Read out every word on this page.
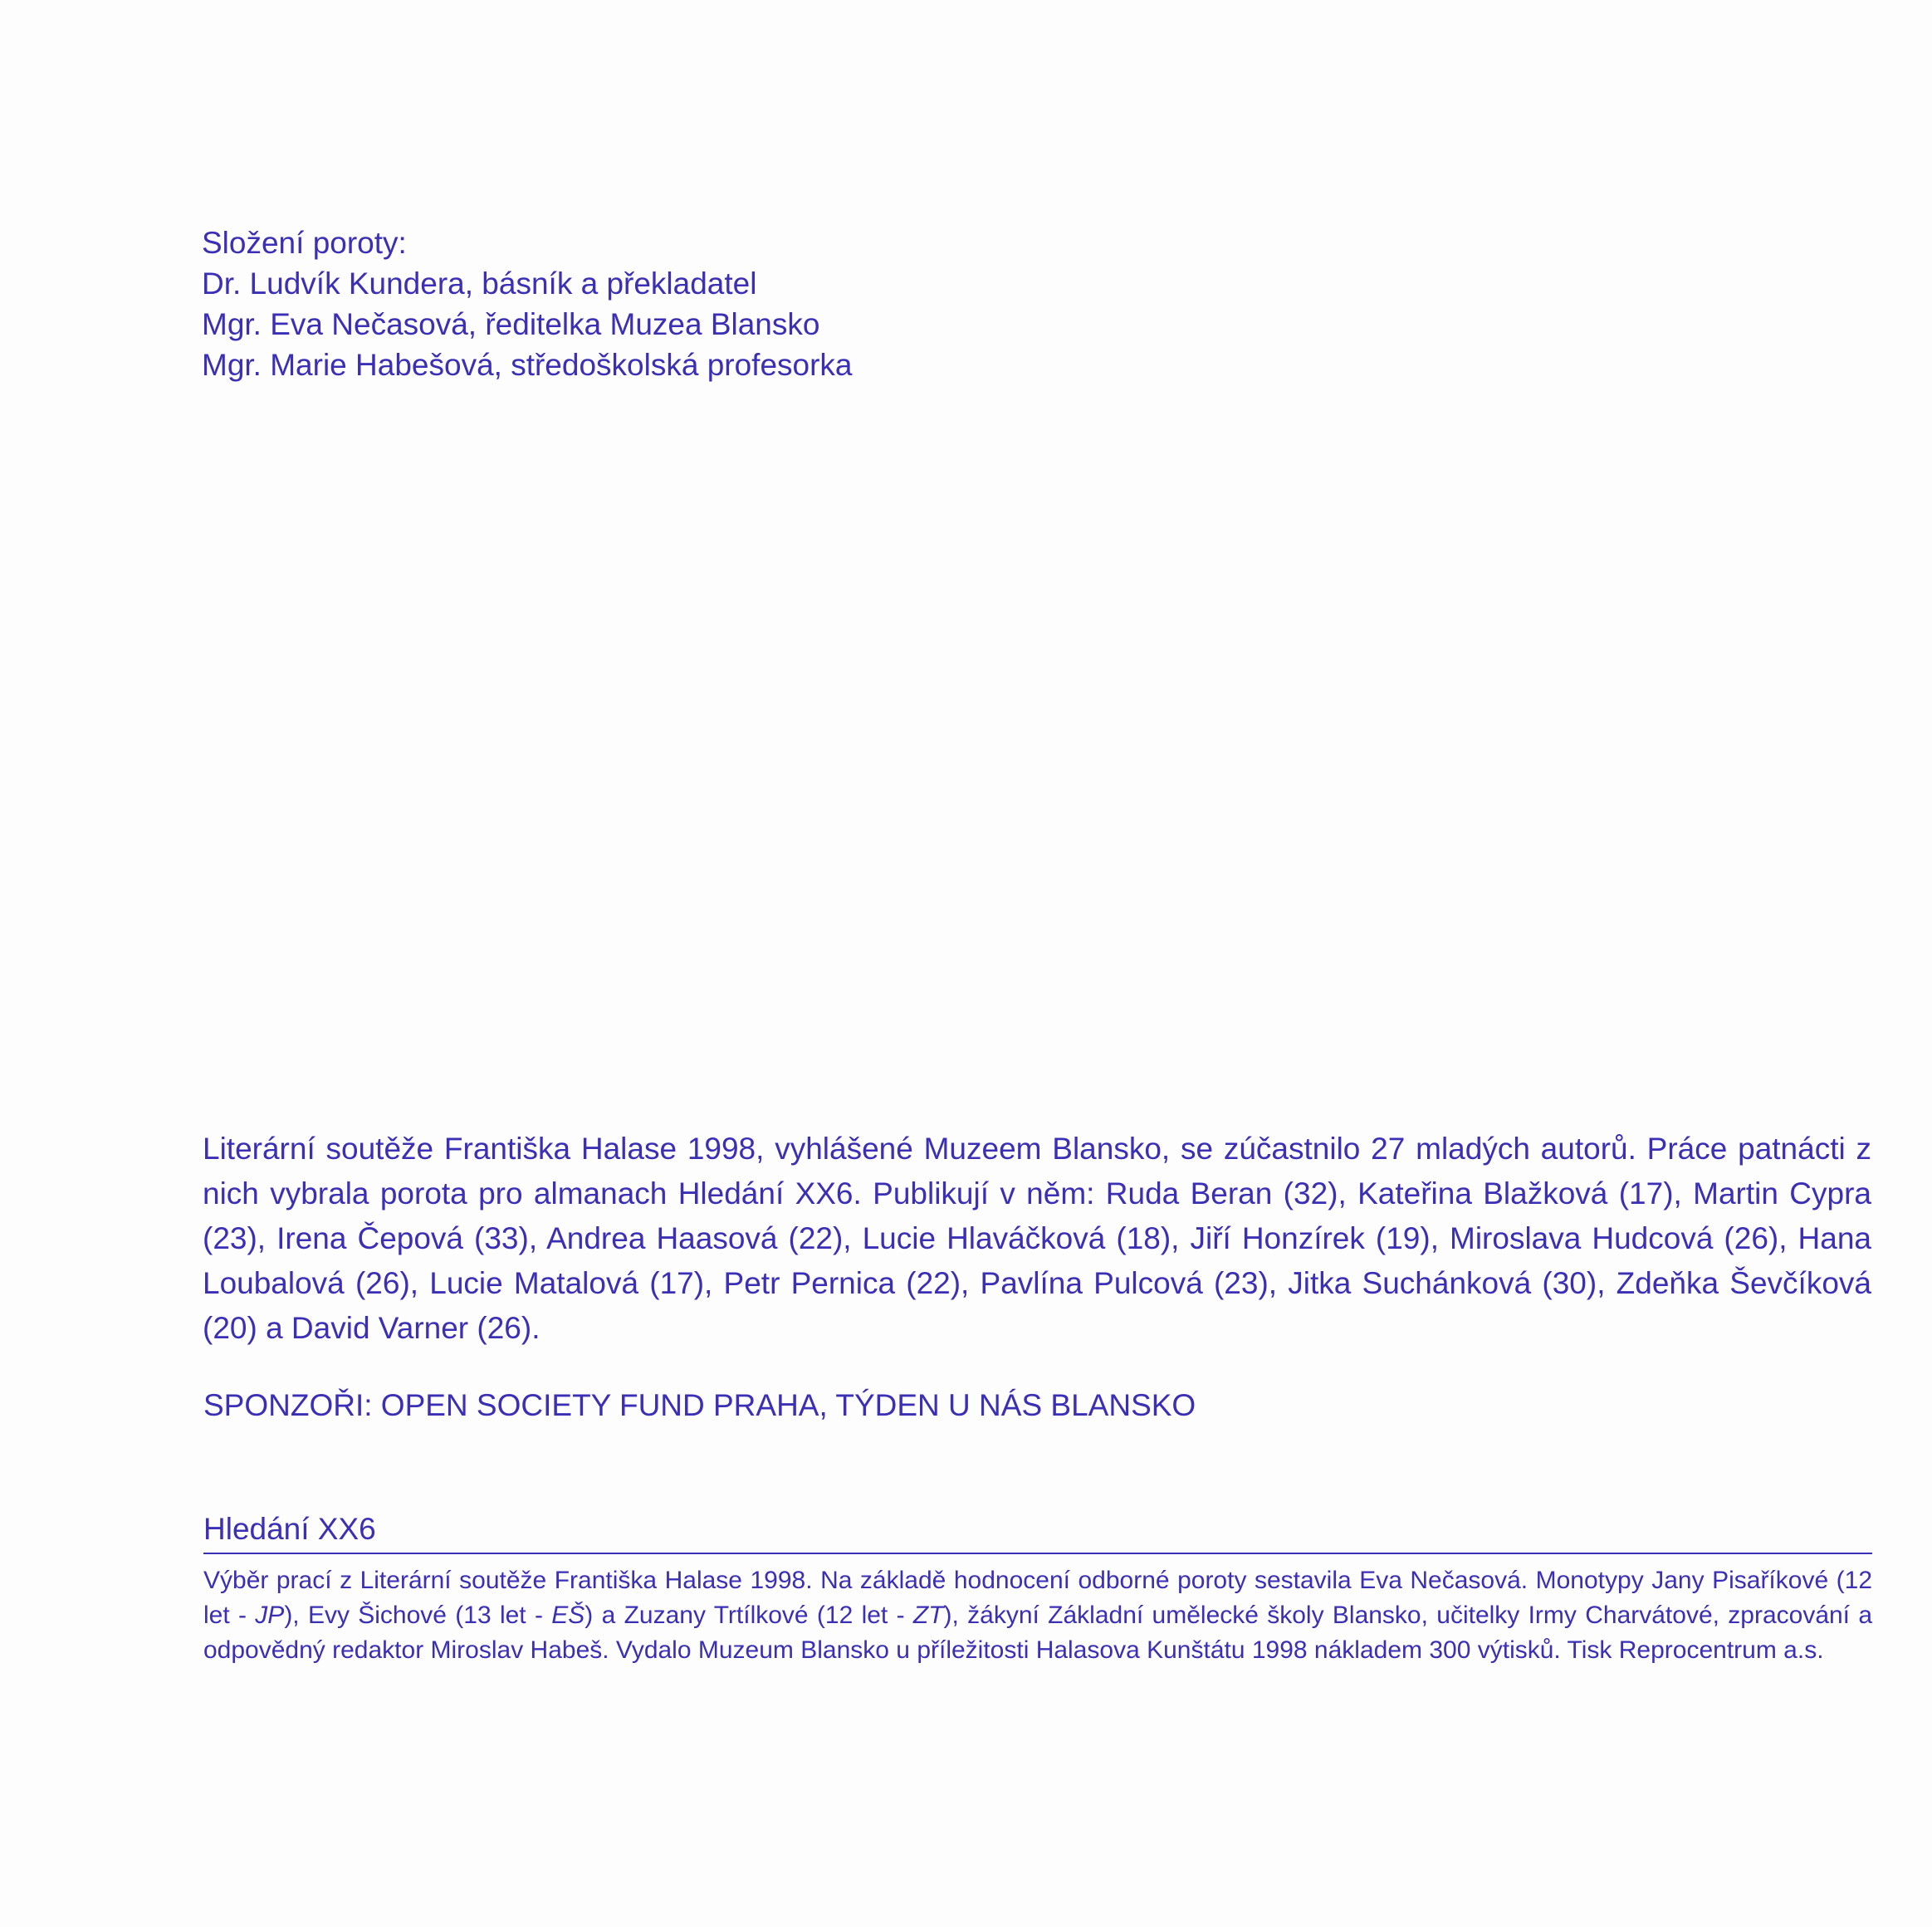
Složení poroty:
Dr. Ludvík Kundera, básník a překladatel
Mgr. Eva Nečasová, ředitelka Muzea Blansko
Mgr. Marie Habešová, středoškolská profesorka
Literární soutěže Františka Halase 1998, vyhlášené Muzeem Blansko, se zúčastnilo 27 mladých autorů. Práce patnácti z nich vybrala porota pro almanach Hledání XX6. Publikují v něm: Ruda Beran (32), Kateřina Blažková (17), Martin Cypra (23), Irena Čepová (33), Andrea Haasová (22), Lucie Hlaváčková (18), Jiří Honzírek (19), Miroslava Hudcová (26), Hana Loubalová (26), Lucie Matalová (17), Petr Pernica (22), Pavlína Pulcová (23), Jitka Suchánková (30), Zdeňka Ševčíková (20) a David Varner (26).
SPONZOŘI: OPEN SOCIETY FUND PRAHA, TÝDEN U NÁS BLANSKO
Hledání XX6
Výběr prací z Literární soutěže Františka Halase 1998. Na základě hodnocení odborné poroty sestavila Eva Nečasová. Monotypy Jany Pisaříkové (12 let - JP), Evy Šichové (13 let - EŠ) a Zuzany Trtílkové (12 let - ZT), žákyní Základní umělecké školy Blansko, učitelky Irmy Charvátové, zpracování a odpovědný redaktor Miroslav Habeš. Vydalo Muzeum Blansko u příležitosti Halasova Kunštátu 1998 nákladem 300 výtisků. Tisk Reprocentrum a.s.
